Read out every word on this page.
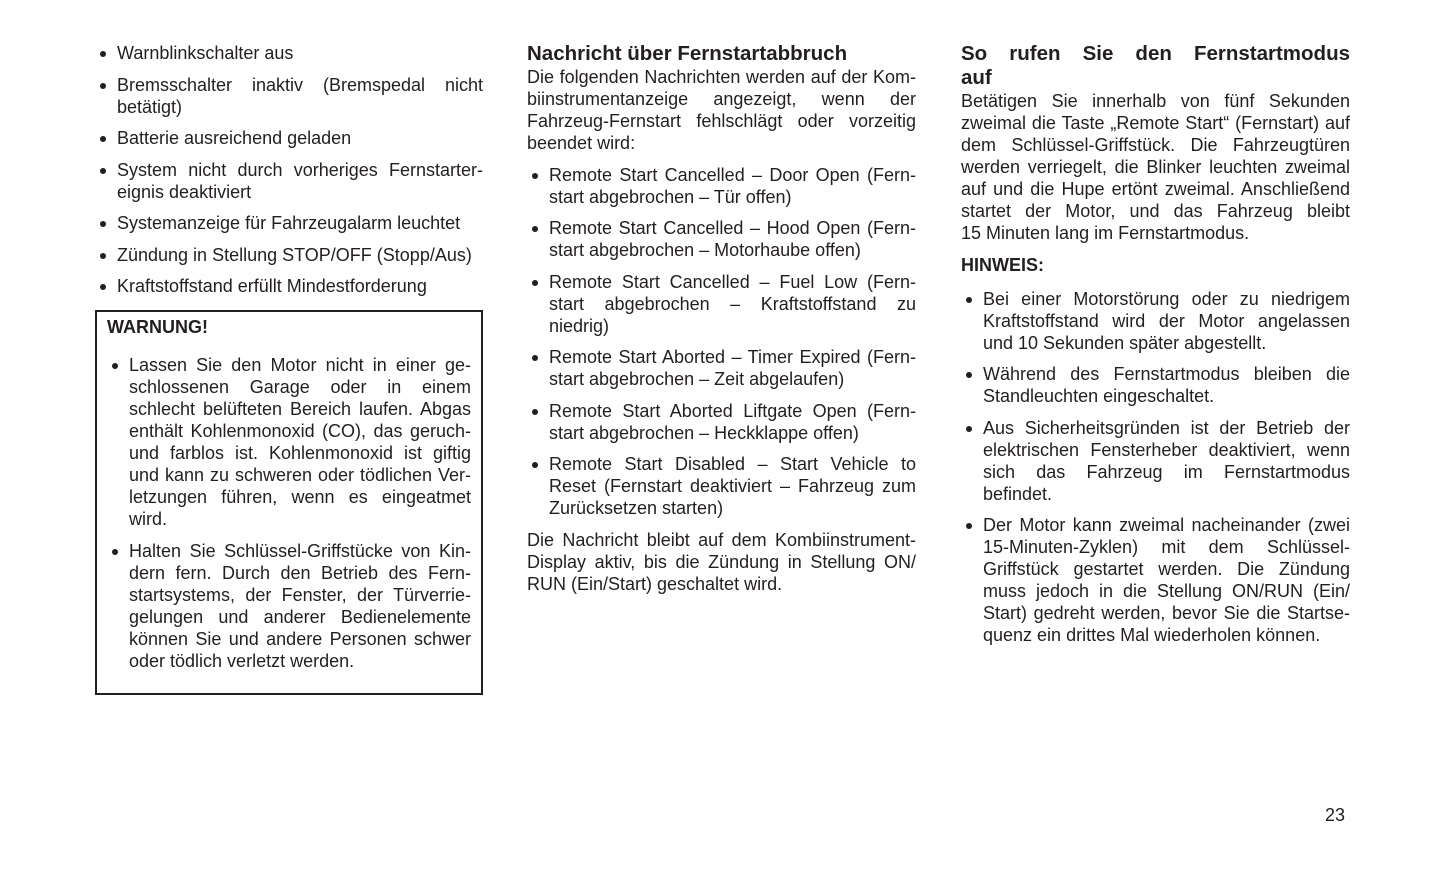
Warnblinkschalter aus
Bremsschalter inaktiv (Bremspedal nicht
betätigt)
Batterie ausreichend geladen
System nicht durch vorheriges Fernstarter-
eignis deaktiviert
Systemanzeige für Fahrzeugalarm leuchtet
Zündung in Stellung STOP/OFF (Stopp/Aus)
Kraftstoffstand erfüllt Mindestforderung
WARNUNG!
Lassen Sie den Motor nicht in einer ge-
schlossenen Garage oder in einem
schlecht belüfteten Bereich laufen. Abgas
enthält Kohlenmonoxid (CO), das geruch-
und farblos ist. Kohlenmonoxid ist giftig
und kann zu schweren oder tödlichen Ver-
letzungen führen, wenn es eingeatmet
wird.
Halten Sie Schlüssel-Griffstücke von Kin-
dern fern. Durch den Betrieb des Fern-
startsystems, der Fenster, der Türverrie-
gelungen und anderer Bedienelemente
können Sie und andere Personen schwer
oder tödlich verletzt werden.
Nachricht über Fernstartabbruch
Die folgenden Nachrichten werden auf der Kom-
biinstrumentanzeige angezeigt, wenn der
Fahrzeug-Fernstart fehlschlägt oder vorzeitig
beendet wird:
Remote Start Cancelled – Door Open (Fern-
start abgebrochen – Tür offen)
Remote Start Cancelled – Hood Open (Fern-
start abgebrochen – Motorhaube offen)
Remote Start Cancelled – Fuel Low (Fern-
start abgebrochen – Kraftstoffstand zu
niedrig)
Remote Start Aborted – Timer Expired (Fern-
start abgebrochen – Zeit abgelaufen)
Remote Start Aborted Liftgate Open (Fern-
start abgebrochen – Heckklappe offen)
Remote Start Disabled – Start Vehicle to
Reset (Fernstart deaktiviert – Fahrzeug zum
Zurücksetzen starten)
Die Nachricht bleibt auf dem Kombiinstrument-
Display aktiv, bis die Zündung in Stellung ON/
RUN (Ein/Start) geschaltet wird.
So rufen Sie den Fernstartmodus
auf
Betätigen Sie innerhalb von fünf Sekunden
zweimal die Taste „Remote Start“ (Fernstart) auf
dem Schlüssel-Griffstück. Die Fahrzeugtüren
werden verriegelt, die Blinker leuchten zweimal
auf und die Hupe ertönt zweimal. Anschließend
startet der Motor, und das Fahrzeug bleibt
15 Minuten lang im Fernstartmodus.
HINWEIS:
Bei einer Motorstörung oder zu niedrigem
Kraftstoffstand wird der Motor angelassen
und 10 Sekunden später abgestellt.
Während des Fernstartmodus bleiben die
Standleuchten eingeschaltet.
Aus Sicherheitsgründen ist der Betrieb der
elektrischen Fensterheber deaktiviert, wenn
sich das Fahrzeug im Fernstartmodus
befindet.
Der Motor kann zweimal nacheinander (zwei
15-Minuten-Zyklen) mit dem Schlüssel-
Griffstück gestartet werden. Die Zündung
muss jedoch in die Stellung ON/RUN (Ein/
Start) gedreht werden, bevor Sie die Startse-
quenz ein drittes Mal wiederholen können.
23
